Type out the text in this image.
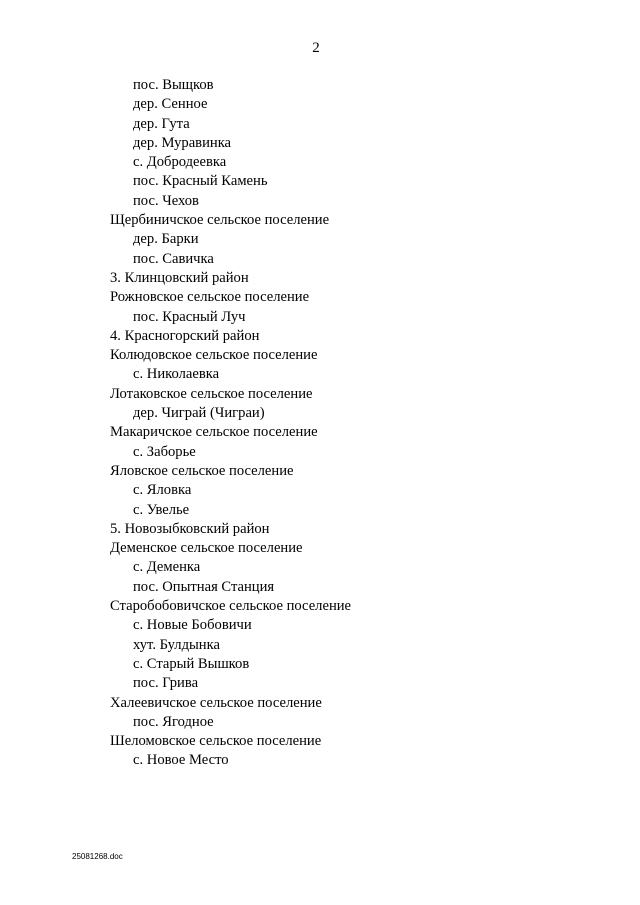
2
пос. Выщков
дер. Сенное
дер. Гута
дер. Муравинка
с. Добродеевка
пос. Красный Камень
пос. Чехов
Щербиничское сельское поселение
дер. Барки
пос. Савичка
3. Клинцовский район
Рожновское сельское поселение
пос. Красный Луч
4. Красногорский район
Колюдовское сельское поселение
с. Николаевка
Лотаковское сельское поселение
дер. Чиграй (Чиграи)
Макаричское сельское поселение
с. Заборье
Яловское сельское поселение
с. Яловка
с. Увелье
5. Новозыбковский район
Деменское сельское поселение
с. Деменка
пос. Опытная Станция
Старобобовичское сельское поселение
с. Новые Бобовичи
хут. Булдынка
с. Старый Вышков
пос. Грива
Халеевичское сельское поселение
пос. Ягодное
Шеломовское сельское поселение
с. Новое Место
25081268.doc
